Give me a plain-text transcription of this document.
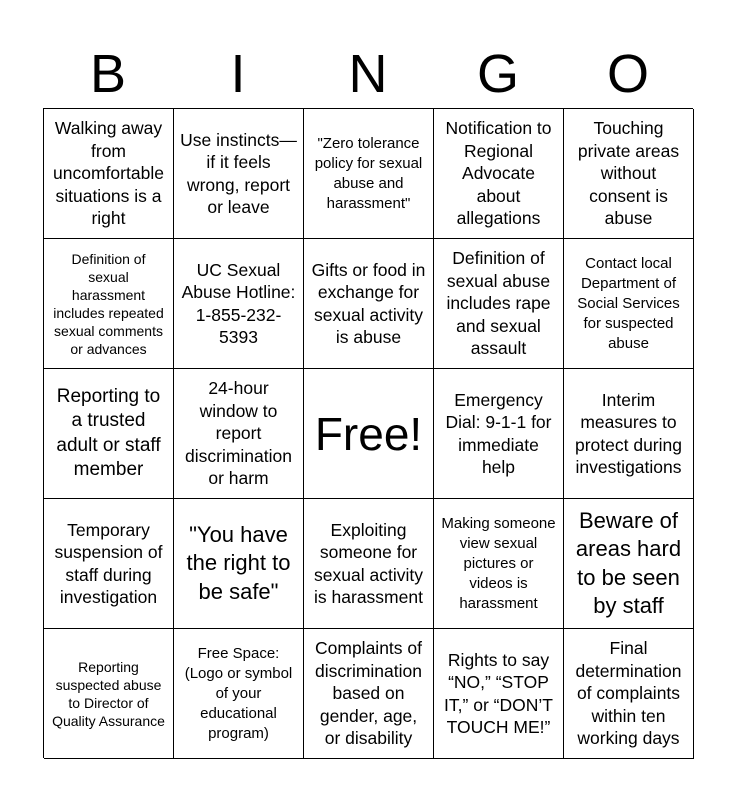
B	I	N	G	O
Walking away from uncomfortable situations is a right
Use instincts—if it feels wrong, report or leave
"Zero tolerance policy for sexual abuse and harassment"
Notification to Regional Advocate about allegations
Touching private areas without consent is abuse
Definition of sexual harassment includes repeated sexual comments or advances
UC Sexual Abuse Hotline: 1-855-232-5393
Gifts or food in exchange for sexual activity is abuse
Definition of sexual abuse includes rape and sexual assault
Contact local Department of Social Services for suspected abuse
Reporting to a trusted adult or staff member
24-hour window to report discrimination or harm
Free!
Emergency Dial: 9-1-1 for immediate help
Interim measures to protect during investigations
Temporary suspension of staff during investigation
"You have the right to be safe"
Exploiting someone for sexual activity is harassment
Making someone view sexual pictures or videos is harassment
Beware of areas hard to be seen by staff
Reporting suspected abuse to Director of Quality Assurance
Free Space: (Logo or symbol of your educational program)
Complaints of discrimination based on gender, age, or disability
Rights to say “NO,” “STOP IT,” or “DON’T TOUCH ME!”
Final determination of complaints within ten working days
